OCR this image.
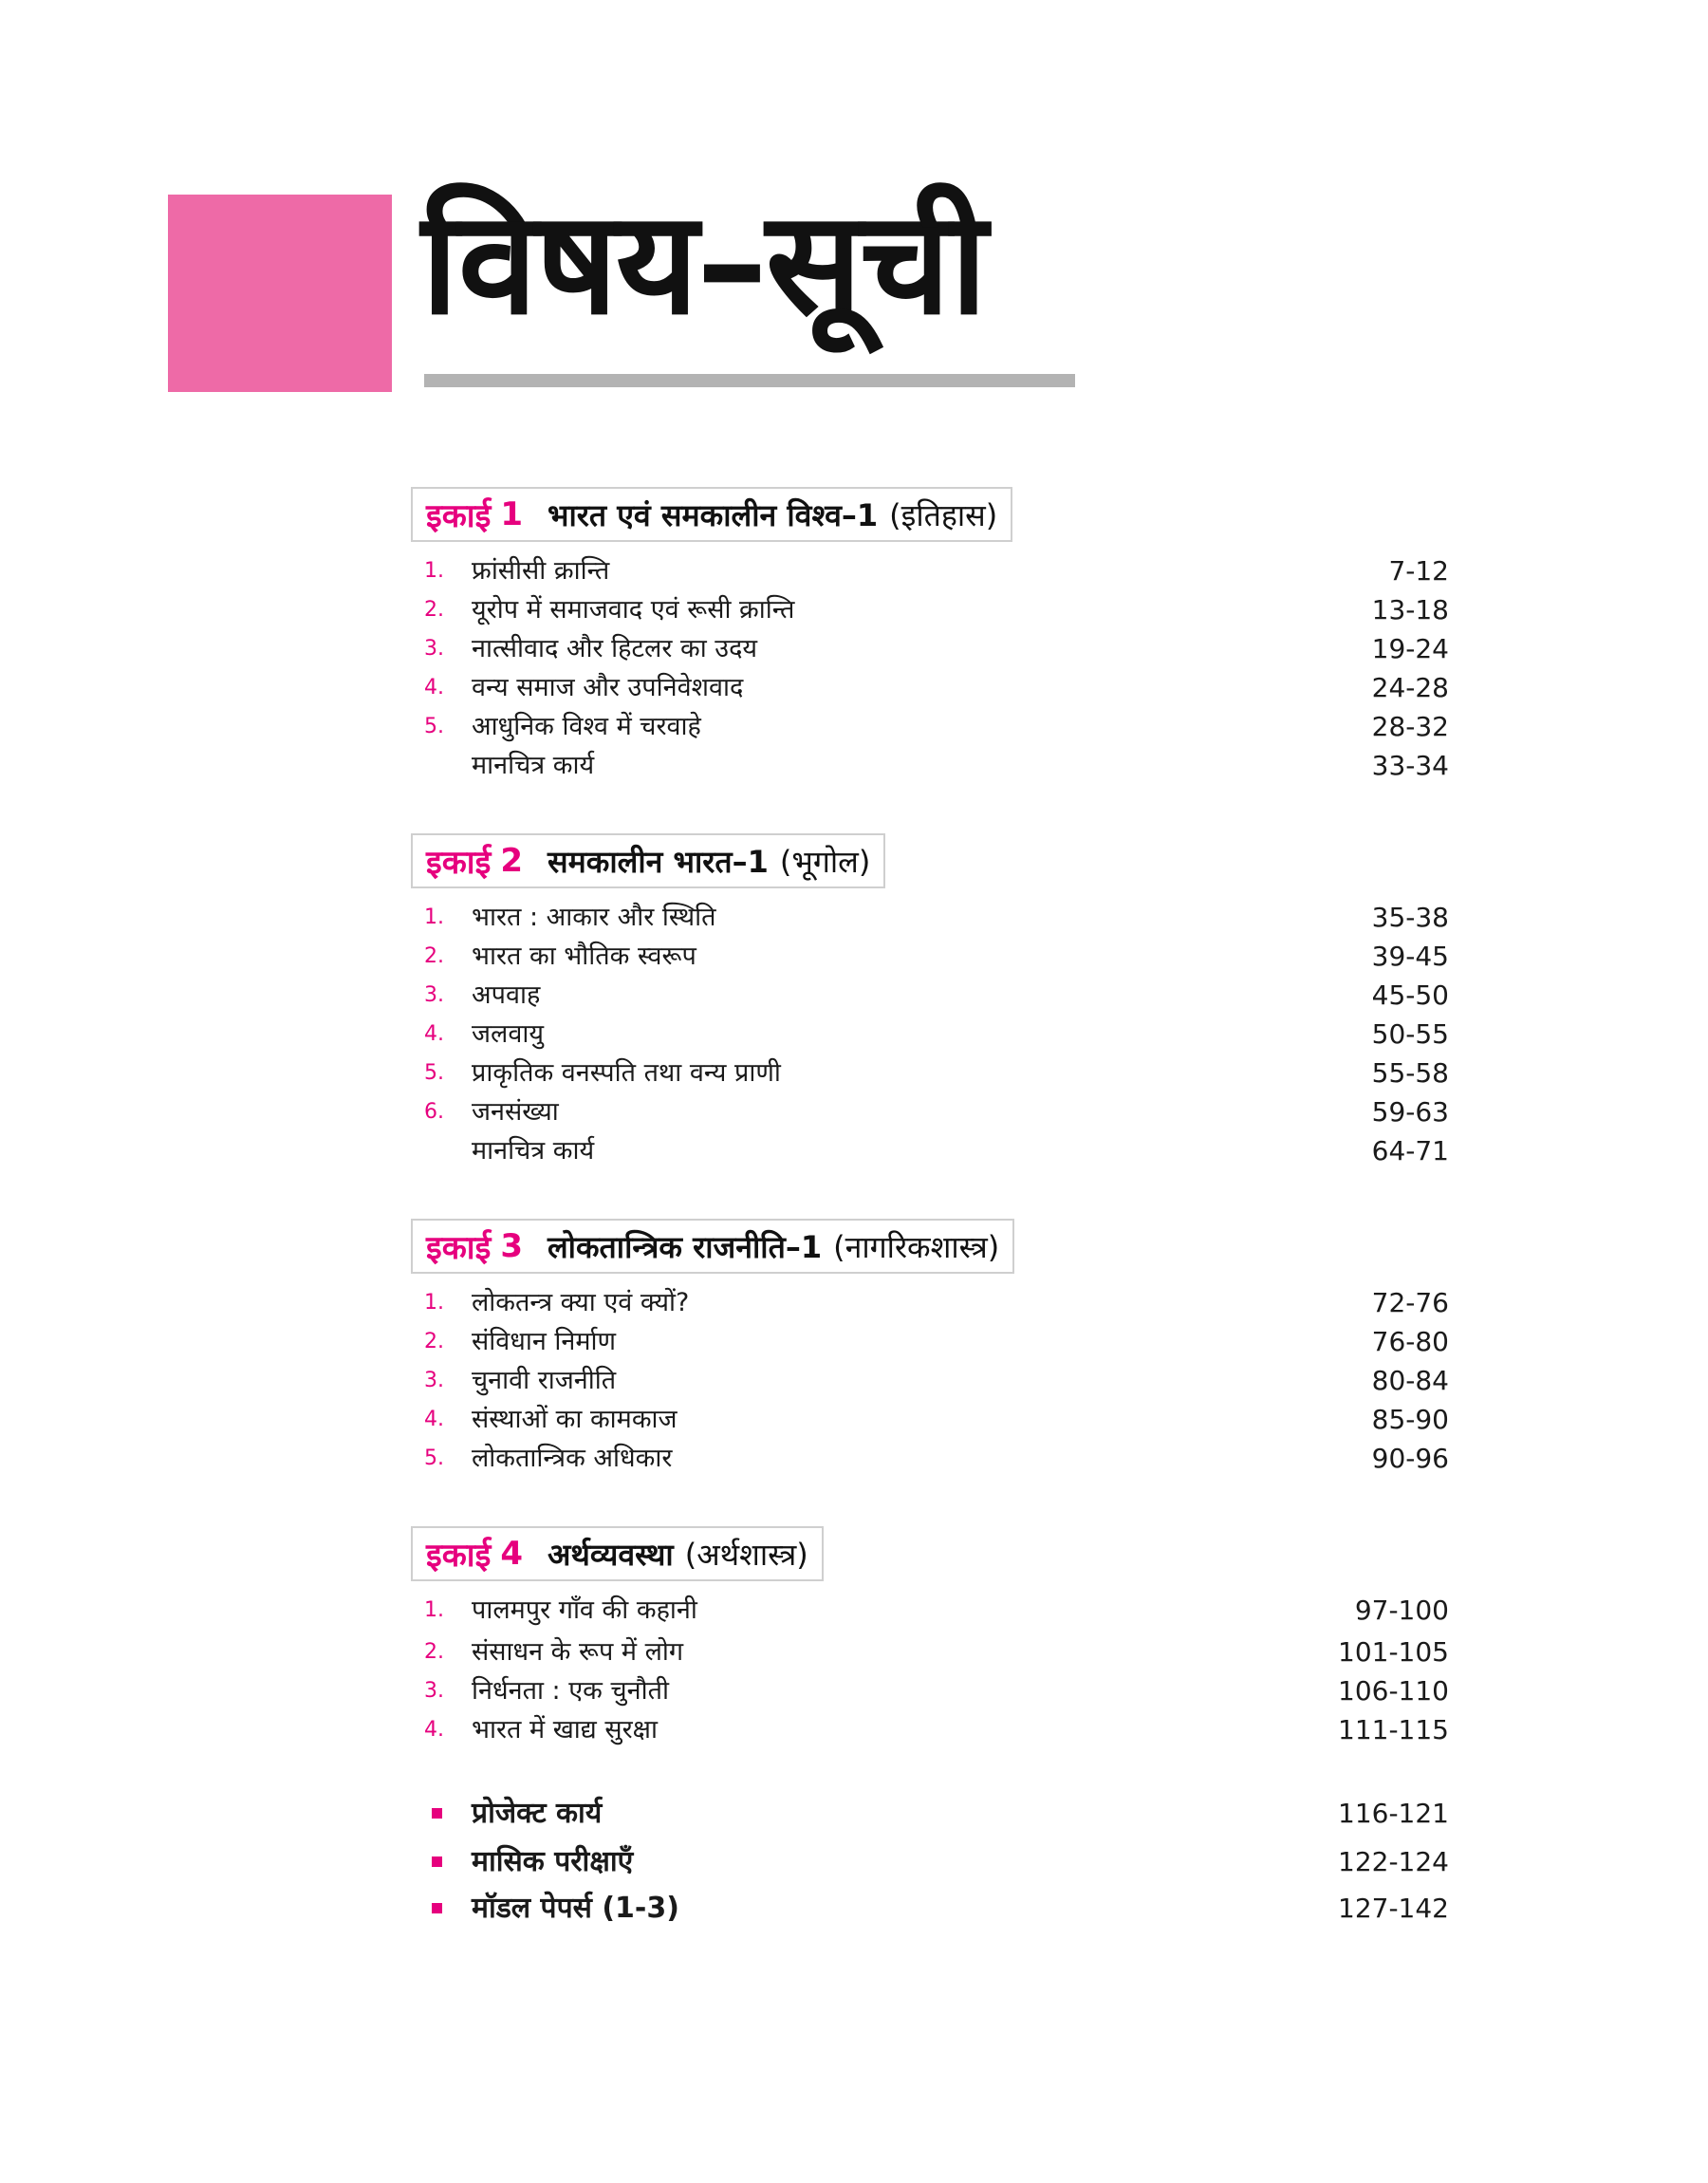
विषय–सूची
इकाई 1 भारत एवं समकालीन विश्व–1 (इतिहास)
1. फ्रांसीसी क्रान्ति	7-12
2. यूरोप में समाजवाद एवं रूसी क्रान्ति	13-18
3. नात्सीवाद और हिटलर का उदय	19-24
4. वन्य समाज और उपनिवेशवाद	24-28
5. आधुनिक विश्व में चरवाहे	28-32
मानचित्र कार्य	33-34
इकाई 2 समकालीन भारत–1 (भूगोल)
1. भारत : आकार और स्थिति	35-38
2. भारत का भौतिक स्वरूप	39-45
3. अपवाह	45-50
4. जलवायु	50-55
5. प्राकृतिक वनस्पति तथा वन्य प्राणी	55-58
6. जनसंख्या	59-63
मानचित्र कार्य	64-71
इकाई 3 लोकतान्त्रिक राजनीति–1 (नागरिकशास्त्र)
1. लोकतन्त्र क्या एवं क्यों?	72-76
2. संविधान निर्माण	76-80
3. चुनावी राजनीति	80-84
4. संस्थाओं का कामकाज	85-90
5. लोकतान्त्रिक अधिकार	90-96
इकाई 4 अर्थव्यवस्था (अर्थशास्त्र)
1. पालमपुर गाँव की कहानी	97-100
2. संसाधन के रूप में लोग	101-105
3. निर्धनता : एक चुनौती	106-110
4. भारत में खाद्य सुरक्षा	111-115
प्रोजेक्ट कार्य	116-121
मासिक परीक्षाएँ	122-124
मॉडल पेपर्स (1-3)	127-142
